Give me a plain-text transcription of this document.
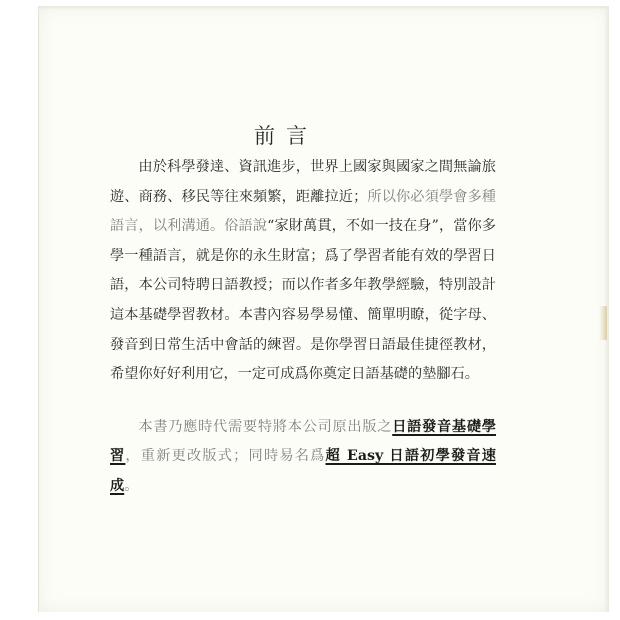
前言

由於科學發達、資訊進步，世界上國家與國家之間無論旅遊、商務、移民等往來頻繁，距離拉近；所以你必須學會多種語言，以利溝通。俗語說“家財萬貫，不如一技在身”，當你多學一種語言，就是你的永生財富；爲了學習者能有效的學習日語，本公司特聘日語教授；而以作者多年教學經驗，特別設計這本基礎學習教材。本書內容易學易懂、簡單明瞭，從字母、發音到日常生活中會話的練習。是你學習日語最佳捷徑教材，希望你好好利用它，一定可成爲你奠定日語基礎的墊腳石。

本書乃應時代需要特將本公司原出版之日語發音基礎學習，重新更改版式；同時易名爲超 Easy 日語初學發音速成。
